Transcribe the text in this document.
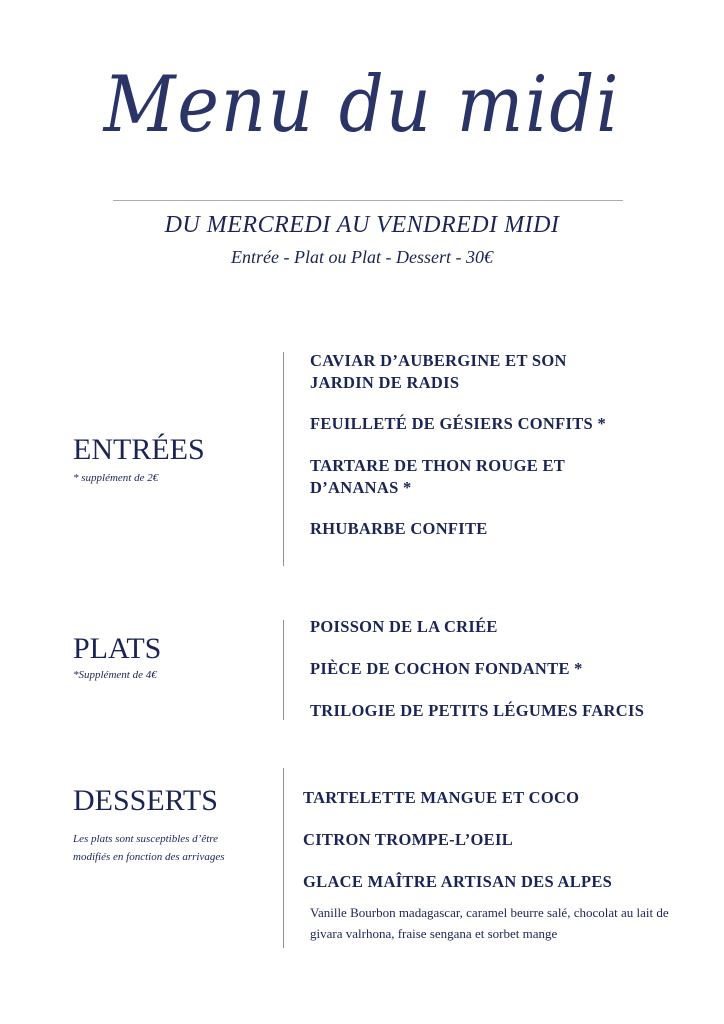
Menu du midi
DU MERCREDI AU VENDREDI MIDI
Entrée - Plat ou Plat - Dessert - 30€
ENTRÉES
* supplément de 2€
CAVIAR D’AUBERGINE ET SON JARDIN DE RADIS
FEUILLETÉ DE GÉSIERS CONFITS *
TARTARE DE THON ROUGE ET D’ANANAS *
RHUBARBE CONFITE
PLATS
*Supplément de 4€
POISSON DE LA CRIÉE
PIÈCE DE COCHON FONDANTE *
TRILOGIE DE PETITS LÉGUMES FARCIS
DESSERTS
Les plats sont susceptibles d’être modifiés en fonction des arrivages
TARTELETTE MANGUE ET COCO
CITRON TROMPE-L’OEIL
GLACE MAÎTRE ARTISAN DES ALPES
Vanille Bourbon madagascar, caramel beurre salé, chocolat au lait de givara valrhona, fraise sengana et sorbet mange
